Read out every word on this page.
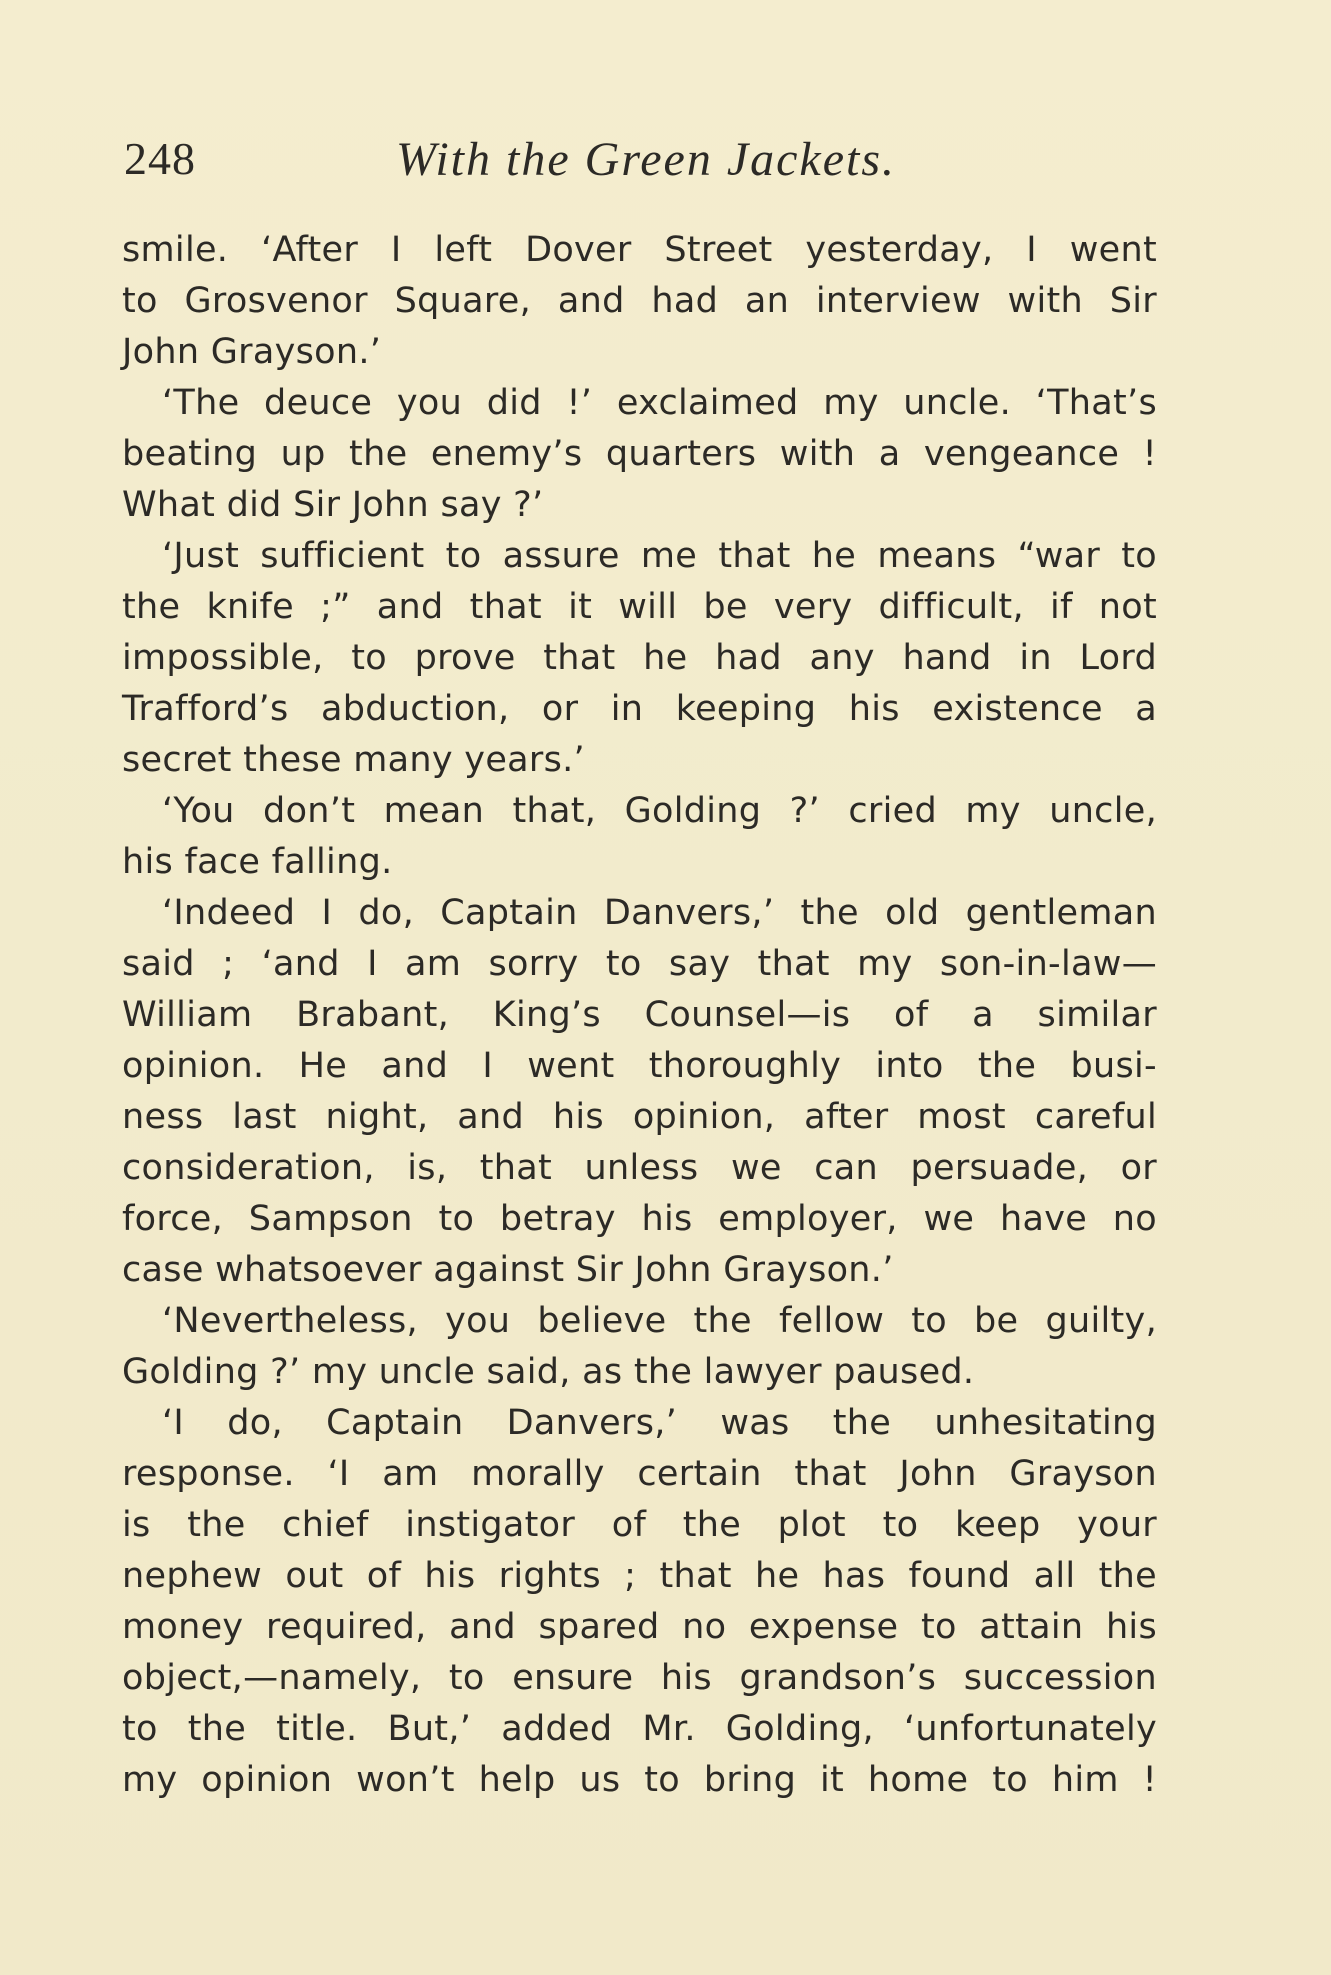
248	With the Green Jackets.
smile. ‘After I left Dover Street yesterday, I went
to Grosvenor Square, and had an interview with Sir
John Grayson.’
‘The deuce you did !’ exclaimed my uncle. ‘That’s
beating up the enemy’s quarters with a vengeance !
What did Sir John say ?’
‘Just sufficient to assure me that he means “war to
the knife ;” and that it will be very difficult, if not
impossible, to prove that he had any hand in Lord
Trafford’s abduction, or in keeping his existence a
secret these many years.’
‘You don’t mean that, Golding ?’ cried my uncle,
his face falling.
‘Indeed I do, Captain Danvers,’ the old gentleman
said ; ‘and I am sorry to say that my son-in-law—
William Brabant, King’s Counsel—is of a similar
opinion. He and I went thoroughly into the busi-
ness last night, and his opinion, after most careful
consideration, is, that unless we can persuade, or
force, Sampson to betray his employer, we have no
case whatsoever against Sir John Grayson.’
‘Nevertheless, you believe the fellow to be guilty,
Golding ?’ my uncle said, as the lawyer paused.
‘I do, Captain Danvers,’ was the unhesitating
response. ‘I am morally certain that John Grayson
is the chief instigator of the plot to keep your
nephew out of his rights ; that he has found all the
money required, and spared no expense to attain his
object,—namely, to ensure his grandson’s succession
to the title. But,’ added Mr. Golding, ‘unfortunately
my opinion won’t help us to bring it home to him !
